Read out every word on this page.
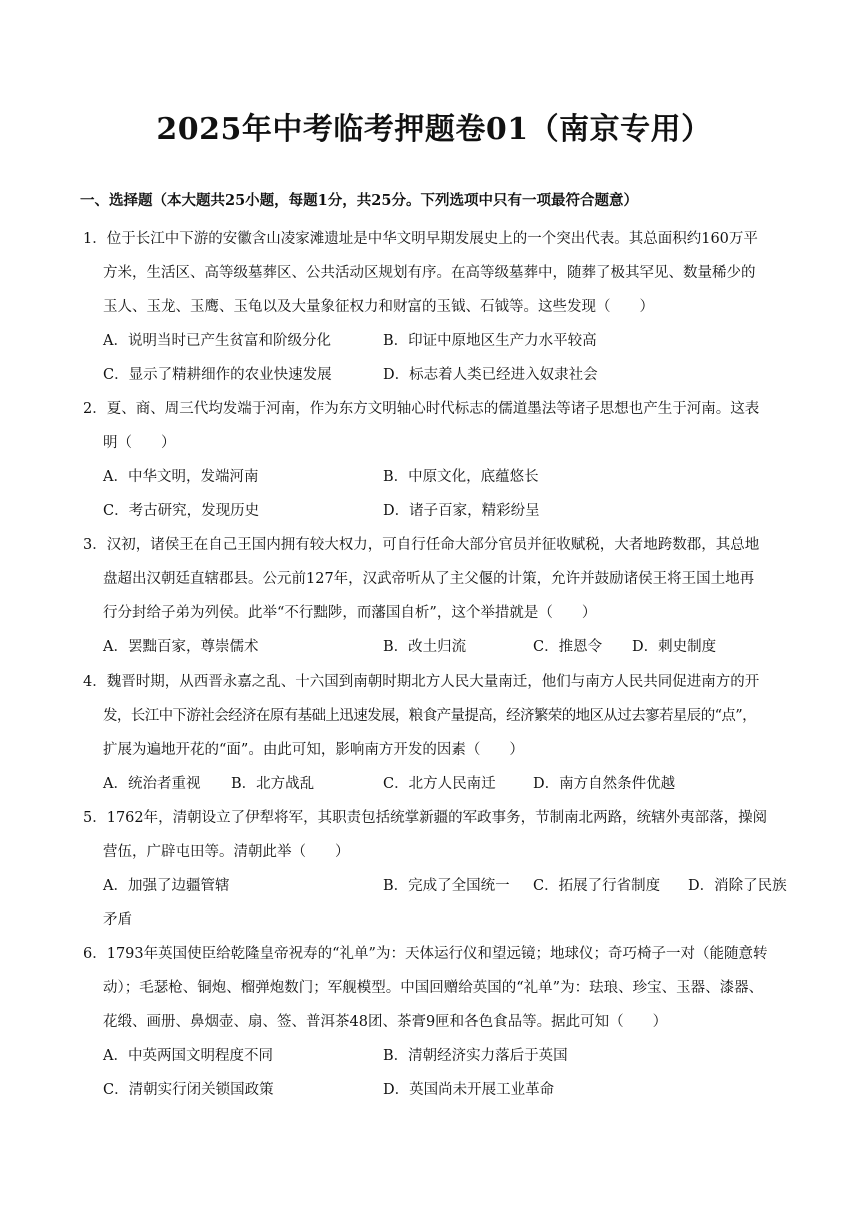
2025年中考临考押题卷01（南京专用）
一、选择题（本大题共25小题，每题1分，共25分。下列选项中只有一项最符合题意）
1．位于长江中下游的安徽含山凌家滩遗址是中华文明早期发展史上的一个突出代表。其总面积约160万平
方米，生活区、高等级墓葬区、公共活动区规划有序。在高等级墓葬中，随葬了极其罕见、数量稀少的
玉人、玉龙、玉鹰、玉龟以及大量象征权力和财富的玉钺、石钺等。这些发现（　　）
A．说明当时已产生贫富和阶级分化	B．印证中原地区生产力水平较高
C．显示了精耕细作的农业快速发展	D．标志着人类已经进入奴隶社会
2．夏、商、周三代均发端于河南，作为东方文明轴心时代标志的儒道墨法等诸子思想也产生于河南。这表
明（　　）
A．中华文明，发端河南	B．中原文化，底蕴悠长
C．考古研究，发现历史	D．诸子百家，精彩纷呈
3．汉初，诸侯王在自己王国内拥有较大权力，可自行任命大部分官员并征收赋税，大者地跨数郡，其总地
盘超出汉朝廷直辖郡县。公元前127年，汉武帝听从了主父偃的计策，允许并鼓励诸侯王将王国土地再
行分封给子弟为列侯。此举“不行黜陟，而藩国自析”，这个举措就是（　　）
A．罢黜百家，尊崇儒术	B．改土归流	C．推恩令 D．刺史制度
4．魏晋时期，从西晋永嘉之乱、十六国到南朝时期北方人民大量南迁，他们与南方人民共同促进南方的开
发，长江中下游社会经济在原有基础上迅速发展，粮食产量提高，经济繁荣的地区从过去寥若星辰的“点”，
扩展为遍地开花的“面”。由此可知，影响南方开发的因素（　　）
A．统治者重视 B．北方战乱	C．北方人民南迁	D．南方自然条件优越
5．1762年，清朝设立了伊犁将军，其职责包括统掌新疆的军政事务，节制南北两路，统辖外夷部落，操阅
营伍，广辟屯田等。清朝此举（　　）
A．加强了边疆管辖	B．完成了全国统一 C．拓展了行省制度 D．消除了民族
矛盾
6．1793年英国使臣给乾隆皇帝祝寿的“礼单”为：天体运行仪和望远镜；地球仪；奇巧椅子一对（能随意转
动）；毛瑟枪、铜炮、榴弹炮数门；军舰模型。中国回赠给英国的“礼单”为：珐琅、珍宝、玉器、漆器、
花缎、画册、鼻烟壶、扇、签、普洱茶48团、茶膏9匣和各色食品等。据此可知（　　）
A．中英两国文明程度不同	B．清朝经济实力落后于英国
C．清朝实行闭关锁国政策	D．英国尚未开展工业革命
